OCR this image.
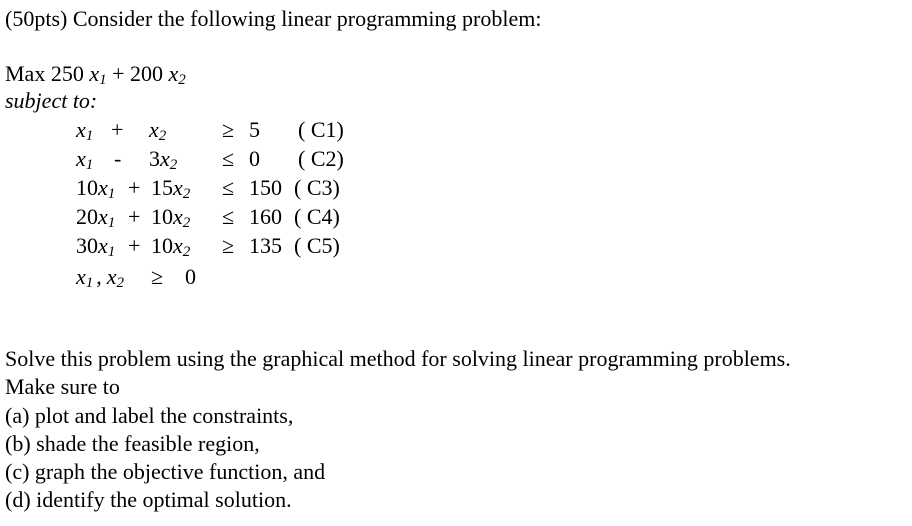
(50pts) Consider the following linear programming problem:
Max 250 $x_1 + 200$ $x_2$
subject to:
$x_1 + x_2$	≥ 5 ( C1)
$x_1 - 3x_2 \le 0$ ( C2)
$10x_1 + 15x_2 \le 150$ ( C3)
$20x_1 + 10x_2 \le 160$ ( C4)
$30x_1 + 10x_2 \ge 135$ ( C5)
$x_1$ , $x_2 \ge 0$
Solve this problem using the graphical method for solving linear programming problems.
Make sure to
(a) plot and label the constraints,
(b) shade the feasible region,
(c) graph the objective function, and
(d) identify the optimal solution.
